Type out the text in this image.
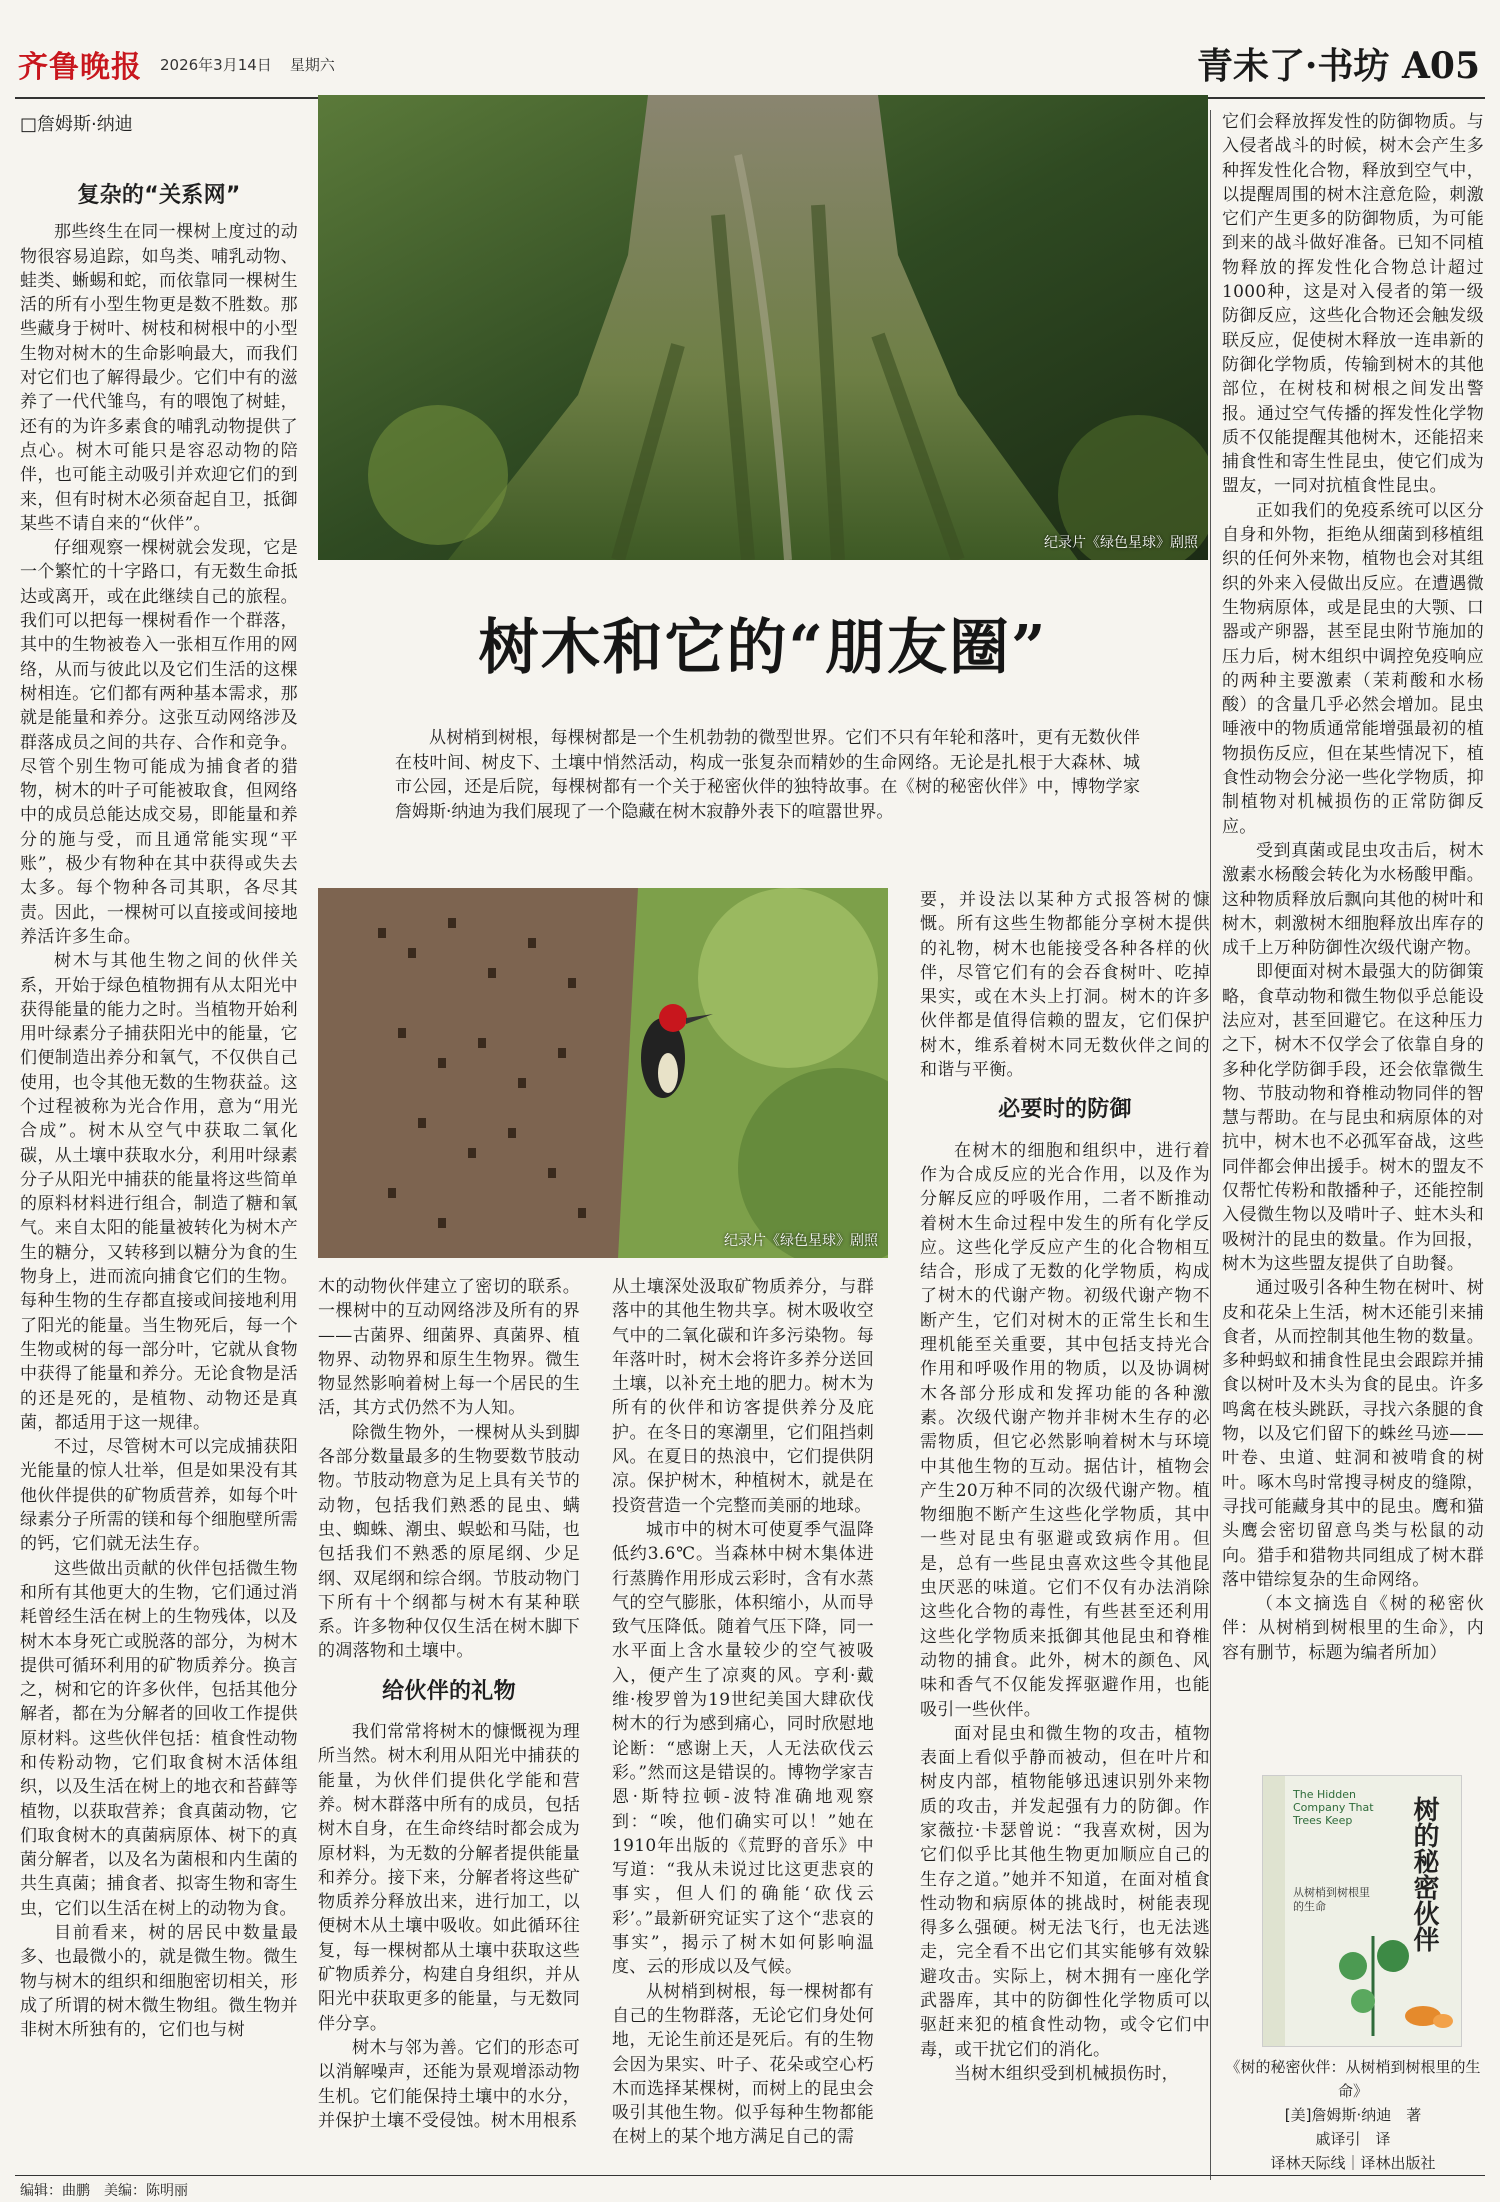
齐鲁晚报 2026年3月14日 星期六	青未了·书坊 A05
□詹姆斯·纳迪
纪录片《绿色星球》剧照
树木和它的“朋友圈”

从树梢到树根，每棵树都是一个生机勃勃的微型世界。它们不只有年轮和落叶，更有无数伙伴在枝叶间、树皮下、土壤中悄然活动，构成一张复杂而精妙的生命网络。无论是扎根于大森林、城市公园，还是后院，每棵树都有一个关于秘密伙伴的独特故事。在《树的秘密伙伴》中，博物学家詹姆斯·纳迪为我们展现了一个隐藏在树木寂静外表下的喧嚣世界。

纪录片《绿色星球》剧照

复杂的“关系网”

那些终生在同一棵树上度过的动物很容易追踪，如鸟类、哺乳动物、蛙类、蜥蜴和蛇，而依靠同一棵树生活的所有小型生物更是数不胜数。那些藏身于树叶、树枝和树根中的小型生物对树木的生命影响最大，而我们对它们也了解得最少。它们中有的滋养了一代代雏鸟，有的喂饱了树蛙，还有的为许多素食的哺乳动物提供了点心。树木可能只是容忍动物的陪伴，也可能主动吸引并欢迎它们的到来，但有时树木必须奋起自卫，抵御某些不请自来的“伙伴”。

仔细观察一棵树就会发现，它是一个繁忙的十字路口，有无数生命抵达或离开，或在此继续自己的旅程。我们可以把每一棵树看作一个群落，其中的生物被卷入一张相互作用的网络，从而与彼此以及它们生活的这棵树相连。它们都有两种基本需求，那就是能量和养分。这张互动网络涉及群落成员之间的共存、合作和竞争。尽管个别生物可能成为捕食者的猎物，树木的叶子可能被取食，但网络中的成员总能达成交易，即能量和养分的施与受，而且通常能实现“平账”，极少有物种在其中获得或失去太多。每个物种各司其职，各尽其责。因此，一棵树可以直接或间接地养活许多生命。

树木与其他生物之间的伙伴关系，开始于绿色植物拥有从太阳光中获得能量的能力之时。当植物开始利用叶绿素分子捕获阳光中的能量，它们便制造出养分和氧气，不仅供自己使用，也令其他无数的生物获益。这个过程被称为光合作用，意为“用光合成”。树木从空气中获取二氧化碳，从土壤中获取水分，利用叶绿素分子从阳光中捕获的能量将这些简单的原料材料进行组合，制造了糖和氧气。来自太阳的能量被转化为树木产生的糖分，又转移到以糖分为食的生物身上，进而流向捕食它们的生物。每种生物的生存都直接或间接地利用了阳光的能量。当生物死后，每一个生物或树的每一部分叶，它就从食物中获得了能量和养分。无论食物是活的还是死的，是植物、动物还是真菌，都适用于这一规律。

不过，尽管树木可以完成捕获阳光能量的惊人壮举，但是如果没有其他伙伴提供的矿物质营养，如每个叶绿素分子所需的镁和每个细胞壁所需的钙，它们就无法生存。

这些做出贡献的伙伴包括微生物和所有其他更大的生物，它们通过消耗曾经生活在树上的生物残体，以及树木本身死亡或脱落的部分，为树木提供可循环利用的矿物质养分。换言之，树和它的许多伙伴，包括其他分解者，都在为分解者的回收工作提供原材料。这些伙伴包括：植食性动物和传粉动物，它们取食树木活体组织，以及生活在树上的地衣和苔藓等植物，以获取营养；食真菌动物，它们取食树木的真菌病原体、树下的真菌分解者，以及名为菌根和内生菌的共生真菌；捕食者、拟寄生物和寄生虫，它们以生活在树上的动物为食。

目前看来，树的居民中数量最多、也最微小的，就是微生物。微生物与树木的组织和细胞密切相关，形成了所谓的树木微生物组。微生物并非树木所独有的，它们也与树

木的动物伙伴建立了密切的联系。一棵树中的互动网络涉及所有的界——古菌界、细菌界、真菌界、植物界、动物界和原生生物界。微生物显然影响着树上每一个居民的生活，其方式仍然不为人知。

除微生物外，一棵树从头到脚各部分数量最多的生物要数节肢动物。节肢动物意为足上具有关节的动物，包括我们熟悉的昆虫、螨虫、蜘蛛、潮虫、蜈蚣和马陆，也包括我们不熟悉的原尾纲、少足纲、双尾纲和综合纲。节肢动物门下所有十个纲都与树木有某种联系。许多物种仅仅生活在树木脚下的凋落物和土壤中。

给伙伴的礼物

我们常常将树木的慷慨视为理所当然。树木利用从阳光中捕获的能量，为伙伴们提供化学能和营养。树木群落中所有的成员，包括树木自身，在生命终结时都会成为原材料，为无数的分解者提供能量和养分。接下来，分解者将这些矿物质养分释放出来，进行加工，以便树木从土壤中吸收。如此循环往复，每一棵树都从土壤中获取这些矿物质养分，构建自身组织，并从阳光中获取更多的能量，与无数同伴分享。

树木与邻为善。它们的形态可以消解噪声，还能为景观增添动物生机。它们能保持土壤中的水分，并保护土壤不受侵蚀。树木用根系

从土壤深处汲取矿物质养分，与群落中的其他生物共享。树木吸收空气中的二氧化碳和许多污染物。每年落叶时，树木会将许多养分送回土壤，以补充土地的肥力。树木为所有的伙伴和访客提供养分及庇护。在冬日的寒潮里，它们阻挡刺风。在夏日的热浪中，它们提供阴凉。保护树木，种植树木，就是在投资营造一个完整而美丽的地球。

城市中的树木可使夏季气温降低约3.6℃。当森林中树木集体进行蒸腾作用形成云彩时，含有水蒸气的空气膨胀，体积缩小，从而导致气压降低。随着气压下降，同一水平面上含水量较少的空气被吸入，便产生了凉爽的风。亨利·戴维·梭罗曾为19世纪美国大肆砍伐树木的行为感到痛心，同时欣慰地论断：“感谢上天，人无法砍伐云彩。”然而这是错误的。博物学家吉恩·斯特拉顿-波特准确地观察到：“唉，他们确实可以！”她在1910年出版的《荒野的音乐》中写道：“我从未说过比这更悲哀的事实，但人们的确能‘砍伐云彩’。”最新研究证实了这个“悲哀的事实”，揭示了树木如何影响温度、云的形成以及气候。

从树梢到树根，每一棵树都有自己的生物群落，无论它们身处何地，无论生前还是死后。有的生物会因为果实、叶子、花朵或空心朽木而选择某棵树，而树上的昆虫会吸引其他生物。似乎每种生物都能在树上的某个地方满足自己的需

要，并设法以某种方式报答树的慷慨。所有这些生物都能分享树木提供的礼物，树木也能接受各种各样的伙伴，尽管它们有的会吞食树叶、吃掉果实，或在木头上打洞。树木的许多伙伴都是值得信赖的盟友，它们保护树木，维系着树木同无数伙伴之间的和谐与平衡。

必要时的防御

在树木的细胞和组织中，进行着作为合成反应的光合作用，以及作为分解反应的呼吸作用，二者不断推动着树木生命过程中发生的所有化学反应。这些化学反应产生的化合物相互结合，形成了无数的化学物质，构成了树木的代谢产物。初级代谢产物不断产生，它们对树木的正常生长和生理机能至关重要，其中包括支持光合作用和呼吸作用的物质，以及协调树木各部分形成和发挥功能的各种激素。次级代谢产物并非树木生存的必需物质，但它必然影响着树木与环境中其他生物的互动。据估计，植物会产生20万种不同的次级代谢产物。植物细胞不断产生这些化学物质，其中一些对昆虫有驱避或致病作用。但是，总有一些昆虫喜欢这些令其他昆虫厌恶的味道。它们不仅有办法消除这些化合物的毒性，有些甚至还利用这些化学物质来抵御其他昆虫和脊椎动物的捕食。此外，树木的颜色、风味和香气不仅能发挥驱避作用，也能吸引一些伙伴。

面对昆虫和微生物的攻击，植物表面上看似乎静而被动，但在叶片和树皮内部，植物能够迅速识别外来物质的攻击，并发起强有力的防御。作家薇拉·卡瑟曾说：“我喜欢树，因为它们似乎比其他生物更加顺应自己的生存之道。”她并不知道，在面对植食性动物和病原体的挑战时，树能表现得多么强硬。树无法飞行，也无法逃走，完全看不出它们其实能够有效躲避攻击。实际上，树木拥有一座化学武器库，其中的防御性化学物质可以驱赶来犯的植食性动物，或令它们中毒，或干扰它们的消化。

当树木组织受到机械损伤时，

它们会释放挥发性的防御物质。与入侵者战斗的时候，树木会产生多种挥发性化合物，释放到空气中，以提醒周围的树木注意危险，刺激它们产生更多的防御物质，为可能到来的战斗做好准备。已知不同植物释放的挥发性化合物总计超过1000种，这是对入侵者的第一级防御反应，这些化合物还会触发级联反应，促使树木释放一连串新的防御化学物质，传输到树木的其他部位，在树枝和树根之间发出警报。通过空气传播的挥发性化学物质不仅能提醒其他树木，还能招来捕食性和寄生性昆虫，使它们成为盟友，一同对抗植食性昆虫。

正如我们的免疫系统可以区分自身和外物，拒绝从细菌到移植组织的任何外来物，植物也会对其组织的外来入侵做出反应。在遭遇微生物病原体，或是昆虫的大颚、口器或产卵器，甚至昆虫附节施加的压力后，树木组织中调控免疫响应的两种主要激素（茉莉酸和水杨酸）的含量几乎必然会增加。昆虫唾液中的物质通常能增强最初的植物损伤反应，但在某些情况下，植食性动物会分泌一些化学物质，抑制植物对机械损伤的正常防御反应。

受到真菌或昆虫攻击后，树木激素水杨酸会转化为水杨酸甲酯。这种物质释放后飘向其他的树叶和树木，刺激树木细胞释放出库存的成千上万种防御性次级代谢产物。

即便面对树木最强大的防御策略，食草动物和微生物似乎总能设法应对，甚至回避它。在这种压力之下，树木不仅学会了依靠自身的多种化学防御手段，还会依靠微生物、节肢动物和脊椎动物同伴的智慧与帮助。在与昆虫和病原体的对抗中，树木也不必孤军奋战，这些同伴都会伸出援手。树木的盟友不仅帮忙传粉和散播种子，还能控制入侵微生物以及啃叶子、蛀木头和吸树汁的昆虫的数量。作为回报，树木为这些盟友提供了自助餐。

通过吸引各种生物在树叶、树皮和花朵上生活，树木还能引来捕食者，从而控制其他生物的数量。多种蚂蚁和捕食性昆虫会跟踪并捕食以树叶及木头为食的昆虫。许多鸣禽在枝头跳跃，寻找六条腿的食物，以及它们留下的蛛丝马迹——叶卷、虫道、蛀洞和被啃食的树叶。啄木鸟时常搜寻树皮的缝隙，寻找可能藏身其中的昆虫。鹰和猫头鹰会密切留意鸟类与松鼠的动向。猎手和猎物共同组成了树木群落中错综复杂的生命网络。

（本文摘选自《树的秘密伙伴：从树梢到树根里的生命》，内容有删节，标题为编者所加）

The Hidden Company That Trees Keep	树的秘密伙伴
从树梢到树根里的生命
《树的秘密伙伴：从树梢到树根里的生命》
[美]詹姆斯·纳迪　著
戚译引　译
译林天际线｜译林出版社
编辑：曲鹏　美编：陈明丽
